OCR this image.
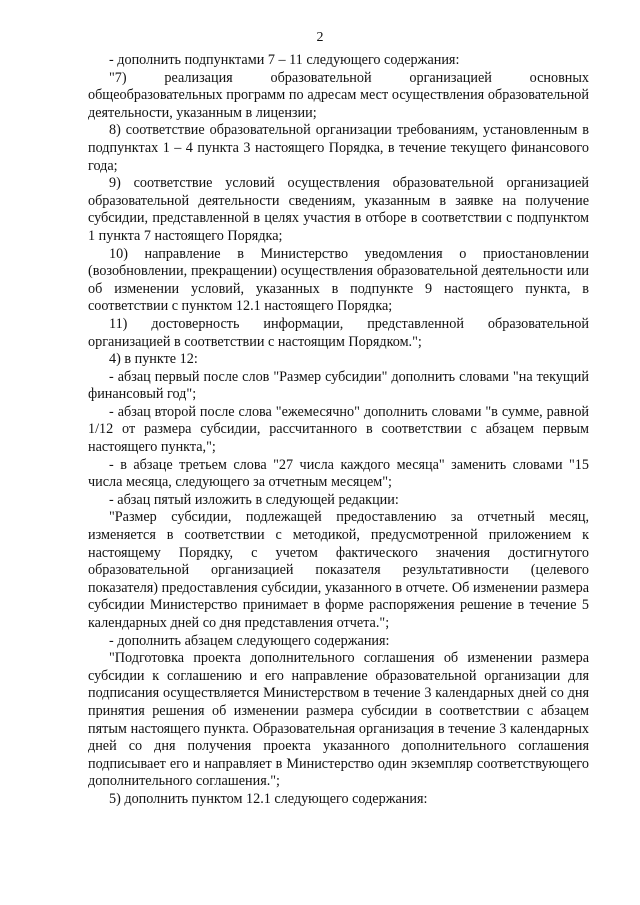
2

- дополнить подпунктами 7 – 11 следующего содержания:

"7) реализация образовательной организацией основных общеобразовательных программ по адресам мест осуществления образовательной деятельности, указанным в лицензии;

8) соответствие образовательной организации требованиям, установленным в подпунктах 1 – 4 пункта 3 настоящего Порядка, в течение текущего финансового года;

9) соответствие условий осуществления образовательной организацией образовательной деятельности сведениям, указанным в заявке на получение субсидии, представленной в целях участия в отборе в соответствии с подпунктом 1 пункта 7 настоящего Порядка;

10) направление в Министерство уведомления о приостановлении (возобновлении, прекращении) осуществления образовательной деятельности или об изменении условий, указанных в подпункте 9 настоящего пункта, в соответствии с пунктом 12.1 настоящего Порядка;

11) достоверность информации, представленной образовательной организацией в соответствии с настоящим Порядком.";

4) в пункте 12:

- абзац первый после слов "Размер субсидии" дополнить словами "на текущий финансовый год";

- абзац второй после слова "ежемесячно" дополнить словами "в сумме, равной 1/12 от размера субсидии, рассчитанного в соответствии с абзацем первым настоящего пункта,";

- в абзаце третьем слова "27 числа каждого месяца" заменить словами "15 числа месяца, следующего за отчетным месяцем";

- абзац пятый изложить в следующей редакции:

"Размер субсидии, подлежащей предоставлению за отчетный месяц, изменяется в соответствии с методикой, предусмотренной приложением к настоящему Порядку, с учетом фактического значения достигнутого образовательной организацией показателя результативности (целевого показателя) предоставления субсидии, указанного в отчете. Об изменении размера субсидии Министерство принимает в форме распоряжения решение в течение 5 календарных дней со дня представления отчета.";

- дополнить абзацем следующего содержания:

"Подготовка проекта дополнительного соглашения об изменении размера субсидии к соглашению и его направление образовательной организации для подписания осуществляется Министерством в течение 3 календарных дней со дня принятия решения об изменении размера субсидии в соответствии с абзацем пятым настоящего пункта. Образовательная организация в течение 3 календарных дней со дня получения проекта указанного дополнительного соглашения подписывает его и направляет в Министерство один экземпляр соответствующего дополнительного соглашения.";

5) дополнить пунктом 12.1 следующего содержания:
